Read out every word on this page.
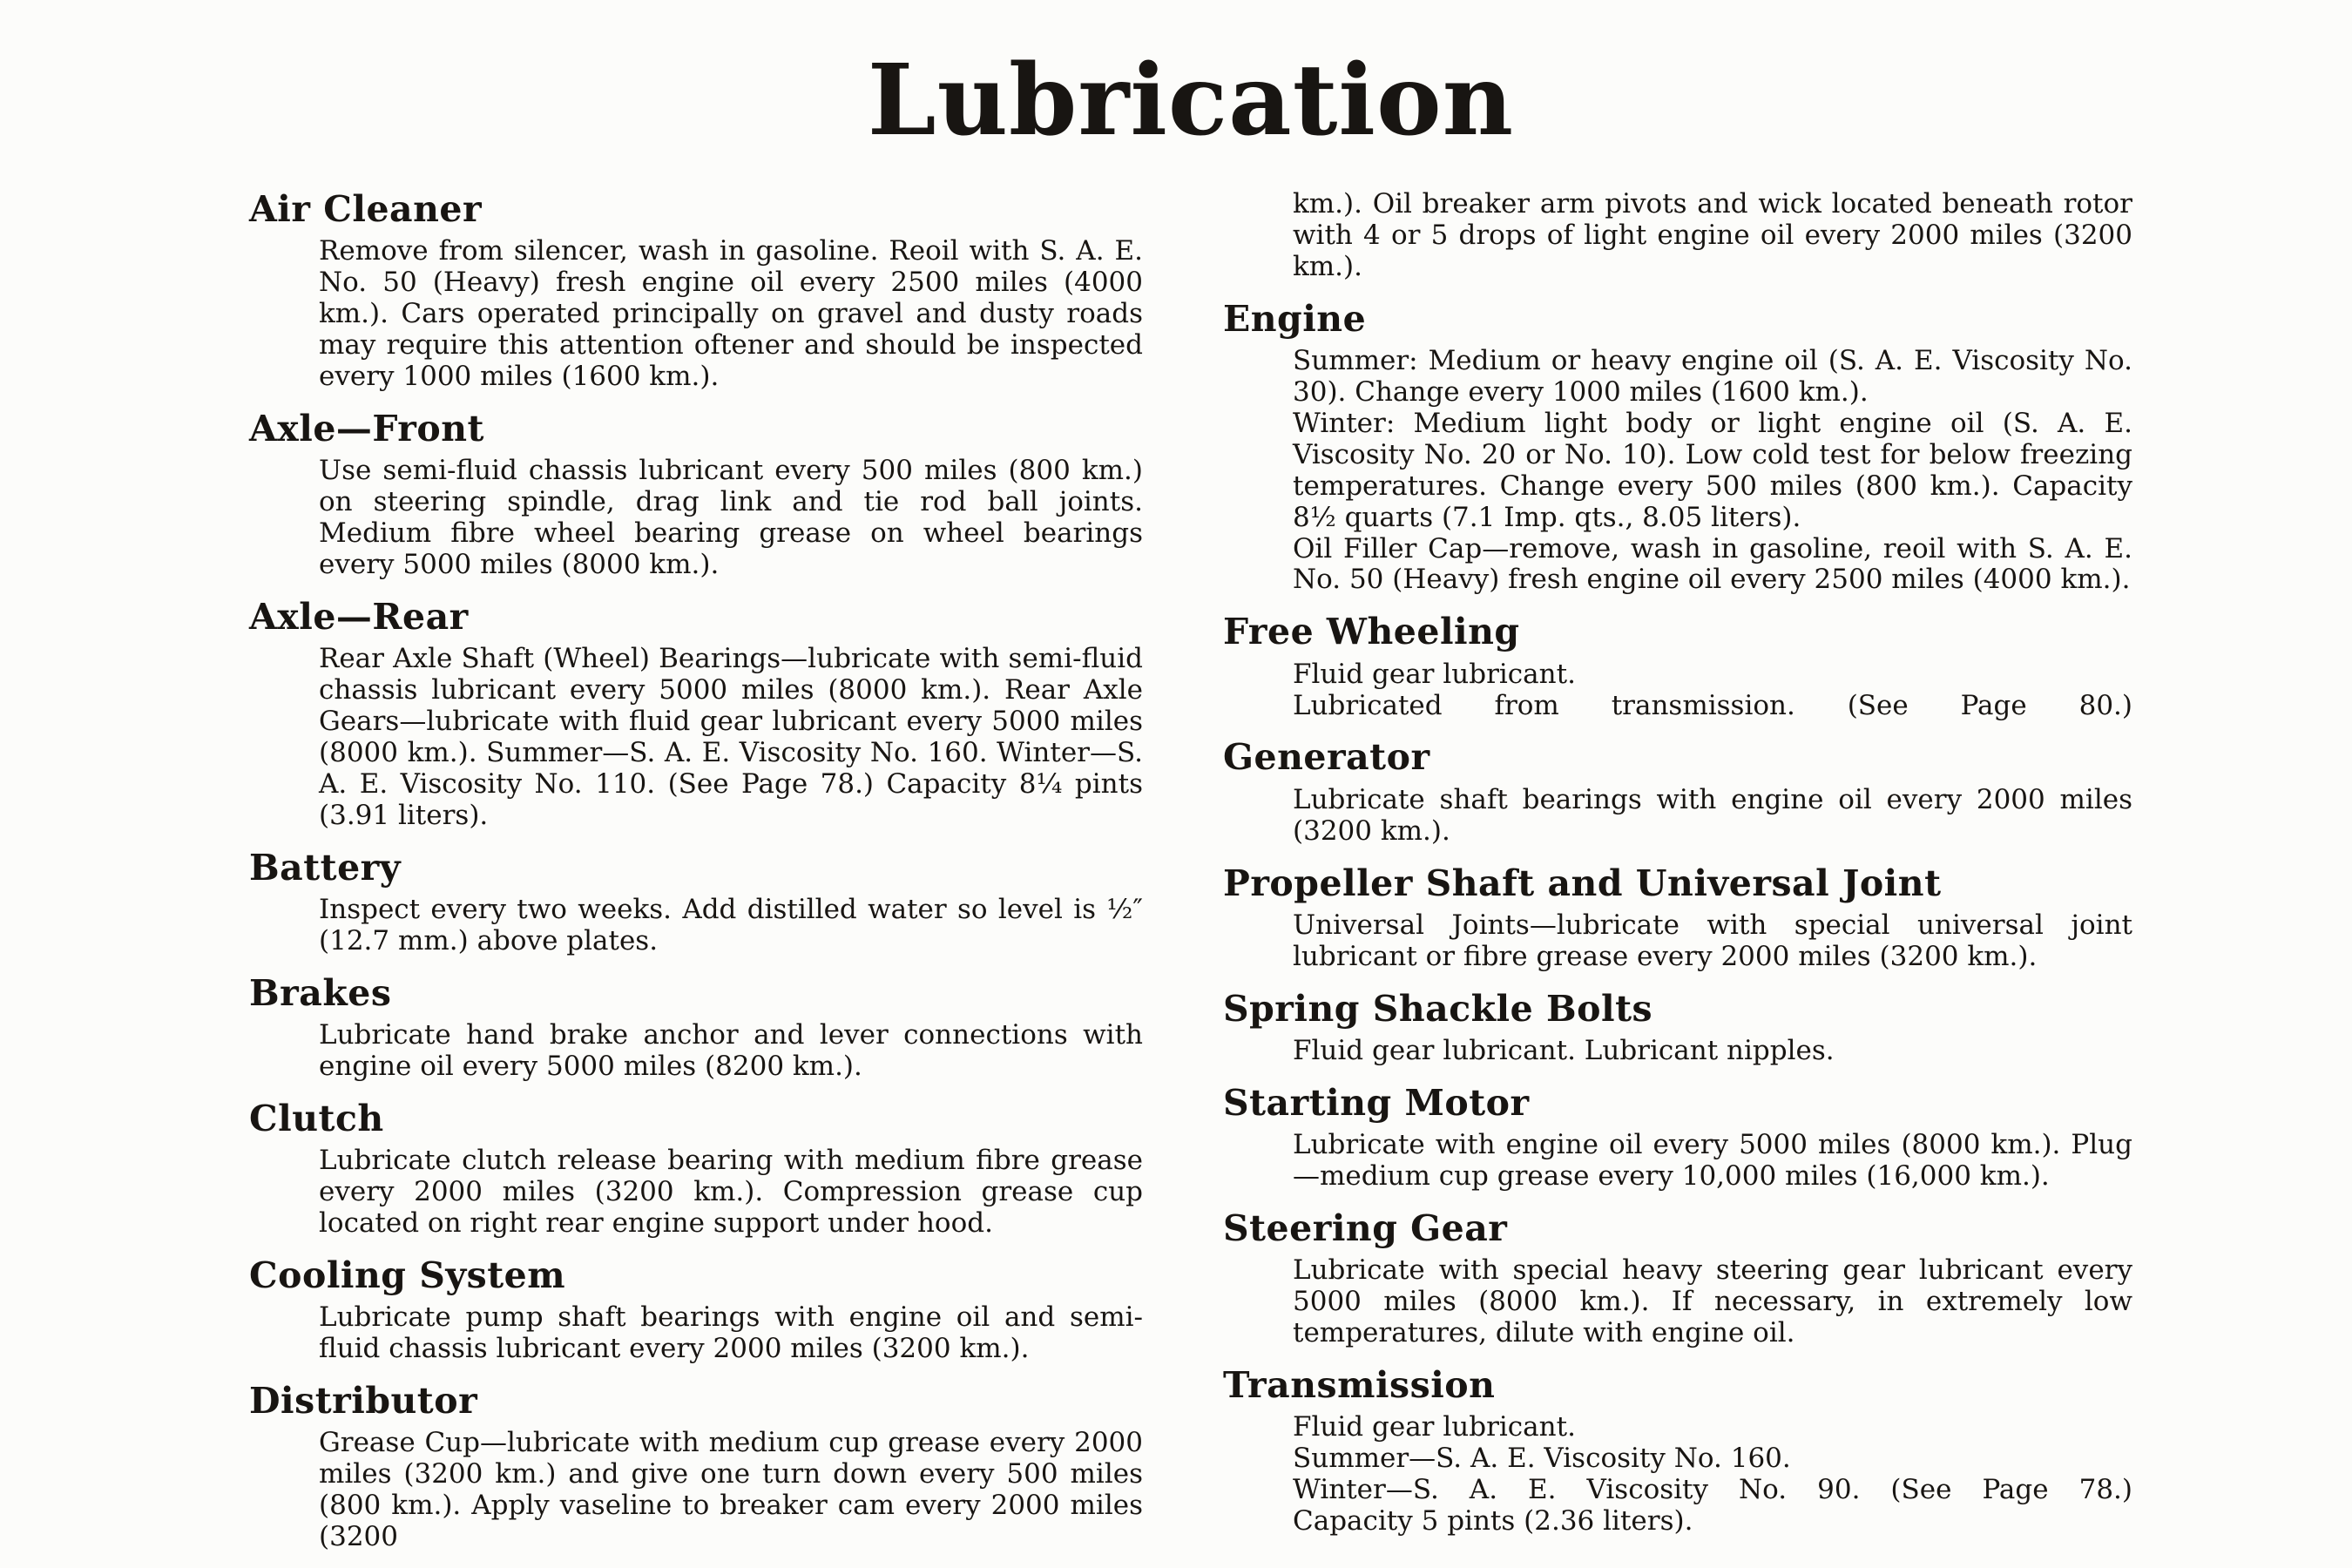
Lubrication
Air Cleaner

Remove from silencer, wash in gasoline. Reoil with S. A. E. No. 50 (Heavy) fresh engine oil every 2500 miles (4000 km.). Cars operated principally on gravel and dusty roads may require this attention oftener and should be inspected every 1000 miles (1600 km.).

Axle—Front

Use semi-fluid chassis lubricant every 500 miles (800 km.) on steering spindle, drag link and tie rod ball joints. Medium fibre wheel bearing grease on wheel bearings every 5000 miles (8000 km.).

Axle—Rear

Rear Axle Shaft (Wheel) Bearings—lubricate with semi-fluid chassis lubricant every 5000 miles (8000 km.). Rear Axle Gears—lubricate with fluid gear lubricant every 5000 miles (8000 km.). Summer—S. A. E. Viscosity No. 160. Winter—S. A. E. Viscosity No. 110. (See Page 78.) Capacity 8¼ pints (3.91 liters).

Battery

Inspect every two weeks. Add distilled water so level is ½″ (12.7 mm.) above plates.

Brakes

Lubricate hand brake anchor and lever connections with engine oil every 5000 miles (8200 km.).

Clutch

Lubricate clutch release bearing with medium fibre grease every 2000 miles (3200 km.). Compression grease cup located on right rear engine support under hood.

Cooling System

Lubricate pump shaft bearings with engine oil and semi-fluid chassis lubricant every 2000 miles (3200 km.).

Distributor

Grease Cup—lubricate with medium cup grease every 2000 miles (3200 km.) and give one turn down every 500 miles (800 km.). Apply vaseline to breaker cam every 2000 miles (3200

km.). Oil breaker arm pivots and wick located beneath rotor with 4 or 5 drops of light engine oil every 2000 miles (3200 km.).

Engine

Summer: Medium or heavy engine oil (S. A. E. Viscosity No. 30). Change every 1000 miles (1600 km.).

Winter: Medium light body or light engine oil (S. A. E. Viscosity No. 20 or No. 10). Low cold test for below freezing temperatures. Change every 500 miles (800 km.). Capacity 8½ quarts (7.1 Imp. qts., 8.05 liters).

Oil Filler Cap—remove, wash in gasoline, reoil with S. A. E. No. 50 (Heavy) fresh engine oil every 2500 miles (4000 km.).

Free Wheeling

Fluid gear lubricant.

Lubricated from transmission. (See Page 80.)

Generator

Lubricate shaft bearings with engine oil every 2000 miles (3200 km.).

Propeller Shaft and Universal Joint

Universal Joints—lubricate with special universal joint lubricant or fibre grease every 2000 miles (3200 km.).

Spring Shackle Bolts

Fluid gear lubricant. Lubricant nipples.

Starting Motor

Lubricate with engine oil every 5000 miles (8000 km.). Plug —medium cup grease every 10,000 miles (16,000 km.).

Steering Gear

Lubricate with special heavy steering gear lubricant every 5000 miles (8000 km.). If necessary, in extremely low temperatures, dilute with engine oil.

Transmission

Fluid gear lubricant.

Summer—S. A. E. Viscosity No. 160.

Winter—S. A. E. Viscosity No. 90. (See Page 78.)

Capacity 5 pints (2.36 liters).
